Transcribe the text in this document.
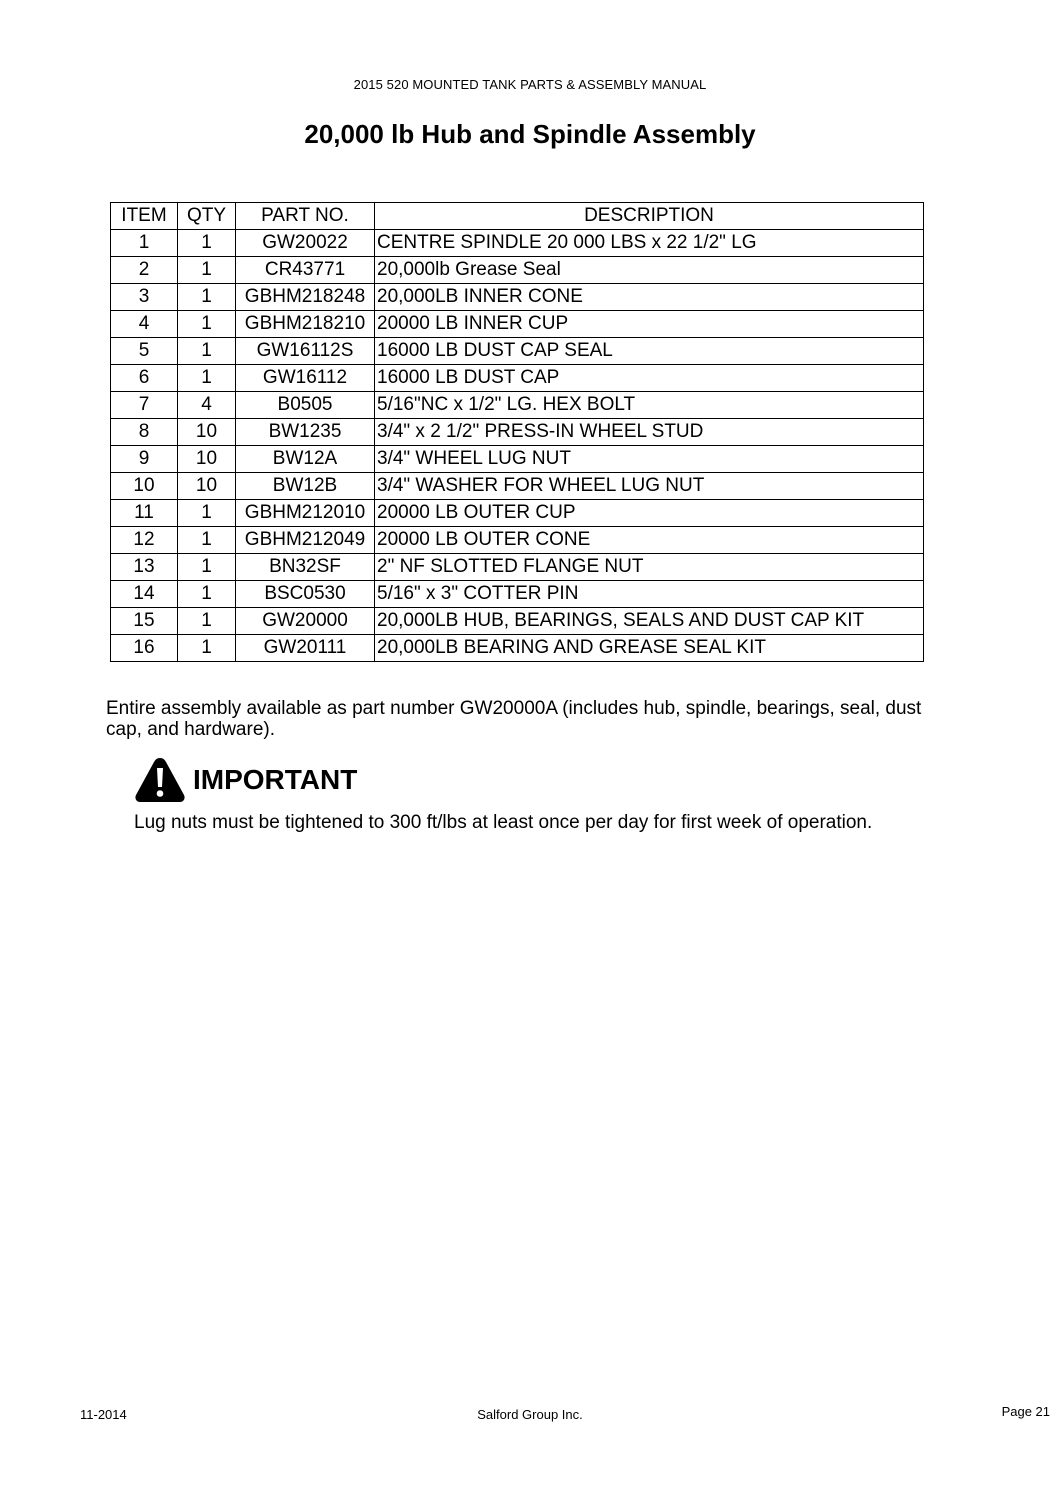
2015 520 MOUNTED TANK PARTS & ASSEMBLY MANUAL
20,000 lb Hub and Spindle Assembly
ITEM	QTY	PART NO.	DESCRIPTION
1	1	GW20022	CENTRE SPINDLE 20 000 LBS x 22 1/2" LG
2	1	CR43771	20,000lb Grease Seal
3	1	GBHM218248	20,000LB INNER CONE
4	1	GBHM218210	20000 LB INNER CUP
5	1	GW16112S	16000 LB DUST CAP SEAL
6	1	GW16112	16000 LB DUST CAP
7	4	B0505	5/16"NC x 1/2" LG. HEX BOLT
8	10	BW1235	3/4" x 2 1/2" PRESS-IN WHEEL STUD
9	10	BW12A	3/4" WHEEL LUG NUT
10	10	BW12B	3/4" WASHER FOR WHEEL LUG NUT
11	1	GBHM212010	20000 LB OUTER CUP
12	1	GBHM212049	20000 LB OUTER CONE
13	1	BN32SF	2" NF SLOTTED FLANGE NUT
14	1	BSC0530	5/16" x 3" COTTER PIN
15	1	GW20000	20,000LB HUB, BEARINGS, SEALS AND DUST CAP KIT
16	1	GW20111	20,000LB BEARING AND GREASE SEAL KIT
Entire assembly available as part number GW20000A (includes hub, spindle, bearings, seal, dust cap, and hardware).
IMPORTANT
Lug nuts must be tightened to 300 ft/lbs at least once per day for first week of operation.
11-2014	Salford Group Inc.	Page 21
